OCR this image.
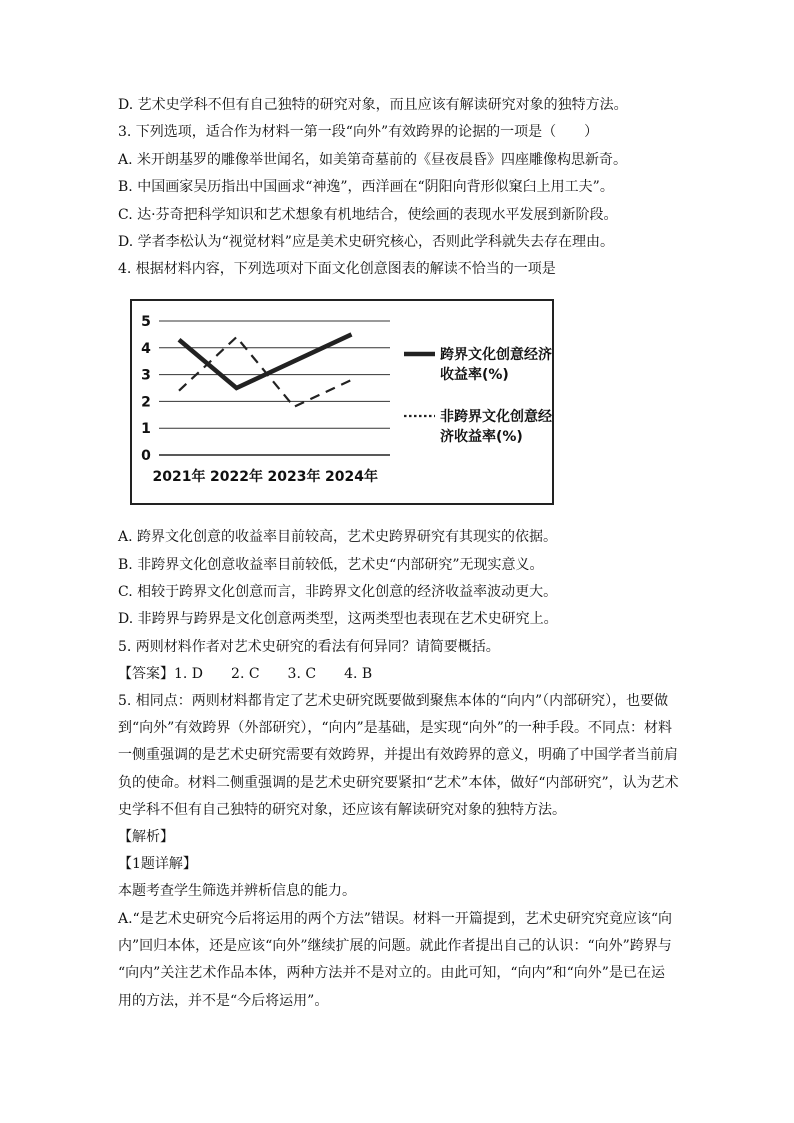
D. 艺术史学科不但有自己独特的研究对象，而且应该有解读研究对象的独特方法。
3. 下列选项，适合作为材料一第一段“向外”有效跨界的论据的一项是（　　）
A. 米开朗基罗的雕像举世闻名，如美第奇墓前的《昼夜晨昏》四座雕像构思新奇。
B. 中国画家吴历指出中国画求“神逸”，西洋画在“阴阳向背形似窠臼上用工夫”。
C. 达·芬奇把科学知识和艺术想象有机地结合，使绘画的表现水平发展到新阶段。
D. 学者李松认为“视觉材料”应是美术史研究核心，否则此学科就失去存在理由。
4. 根据材料内容，下列选项对下面文化创意图表的解读不恰当的一项是
0
1
2
3
4
5
2021年 2022年 2023年 2024年
跨界文化创意经济
收益率(%)
非跨界文化创意经
济收益率(%)
A. 跨界文化创意的收益率目前较高，艺术史跨界研究有其现实的依据。
B. 非跨界文化创意收益率目前较低，艺术史“内部研究”无现实意义。
C. 相较于跨界文化创意而言，非跨界文化创意的经济收益率波动更大。
D. 非跨界与跨界是文化创意两类型，这两类型也表现在艺术史研究上。
5. 两则材料作者对艺术史研究的看法有何异同？请简要概括。
【答案】1. D　　2. C　　3. C　　4. B
5. 相同点：两则材料都肯定了艺术史研究既要做到聚焦本体的“向内”（内部研究），也要做
到“向外”有效跨界（外部研究），“向内”是基础，是实现“向外”的一种手段。不同点：材料
一侧重强调的是艺术史研究需要有效跨界，并提出有效跨界的意义，明确了中国学者当前肩
负的使命。材料二侧重强调的是艺术史研究要紧扣“艺术”本体，做好“内部研究”，认为艺术
史学科不但有自己独特的研究对象，还应该有解读研究对象的独特方法。
【解析】
【1题详解】
本题考查学生筛选并辨析信息的能力。
A.“是艺术史研究今后将运用的两个方法”错误。材料一开篇提到，艺术史研究究竟应该“向
内”回归本体，还是应该“向外”继续扩展的问题。就此作者提出自己的认识：“向外”跨界与
“向内”关注艺术作品本体，两种方法并不是对立的。由此可知，“向内”和“向外”是已在运
用的方法，并不是“今后将运用”。
